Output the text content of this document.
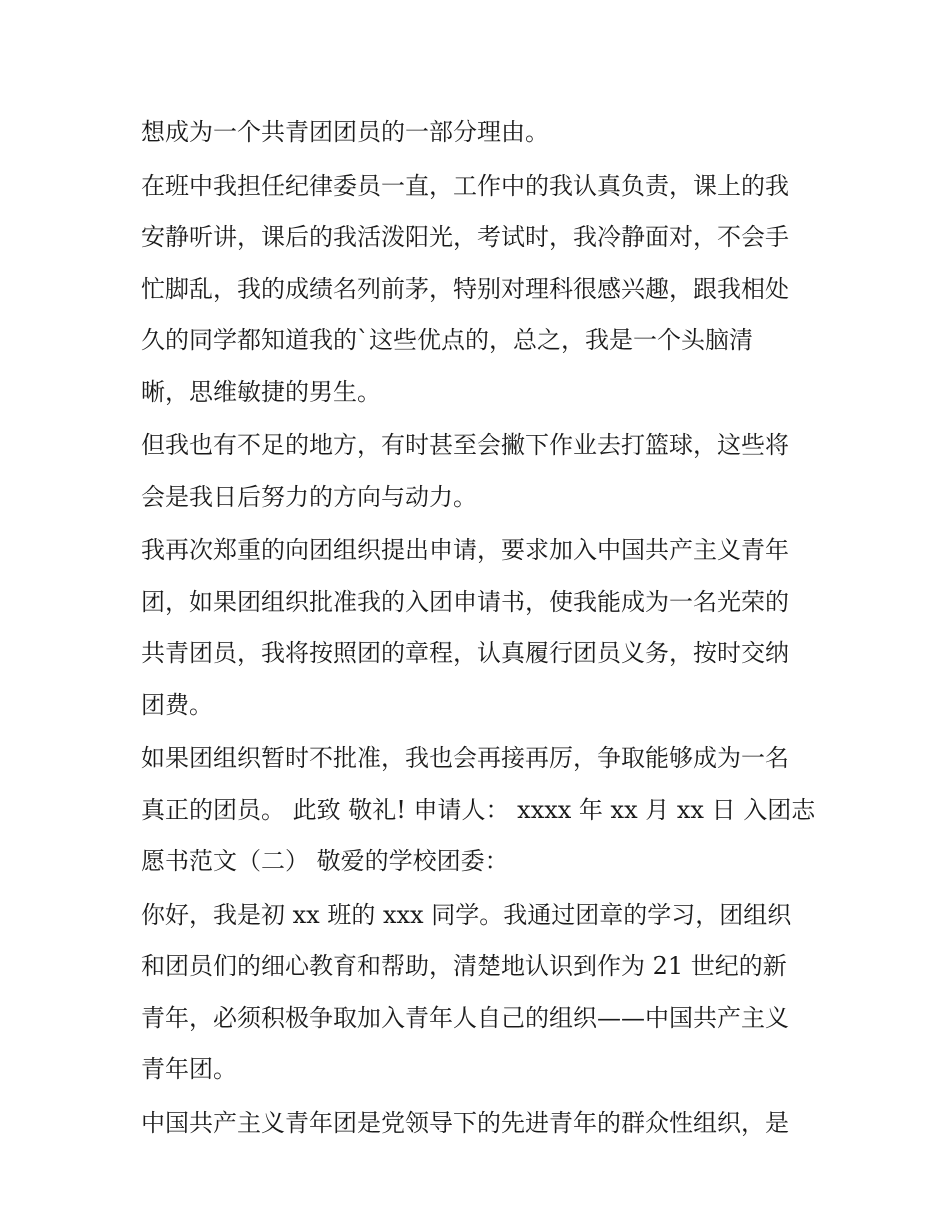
想成为一个共青团团员的一部分理由。
在班中我担任纪律委员一直，工作中的我认真负责，课上的我
安静听讲，课后的我活泼阳光，考试时，我冷静面对，不会手
忙脚乱，我的成绩名列前茅，特别对理科很感兴趣，跟我相处
久的同学都知道我的`这些优点的，总之，我是一个头脑清
晰，思维敏捷的男生。
但我也有不足的地方，有时甚至会撇下作业去打篮球，这些将
会是我日后努力的方向与动力。
我再次郑重的向团组织提出申请，要求加入中国共产主义青年
团，如果团组织批准我的入团申请书，使我能成为一名光荣的
共青团员，我将按照团的章程，认真履行团员义务，按时交纳
团费。
如果团组织暂时不批准，我也会再接再厉，争取能够成为一名
真正的团员。 此致 敬礼! 申请人： xxxx 年 xx 月 xx 日 入团志
愿书范文（二） 敬爱的学校团委：
你好，我是初 xx 班的 xxx 同学。我通过团章的学习，团组织
和团员们的细心教育和帮助，清楚地认识到作为 21 世纪的新
青年，必须积极争取加入青年人自己的组织——中国共产主义
青年团。
中国共产主义青年团是党领导下的先进青年的群众性组织，是
